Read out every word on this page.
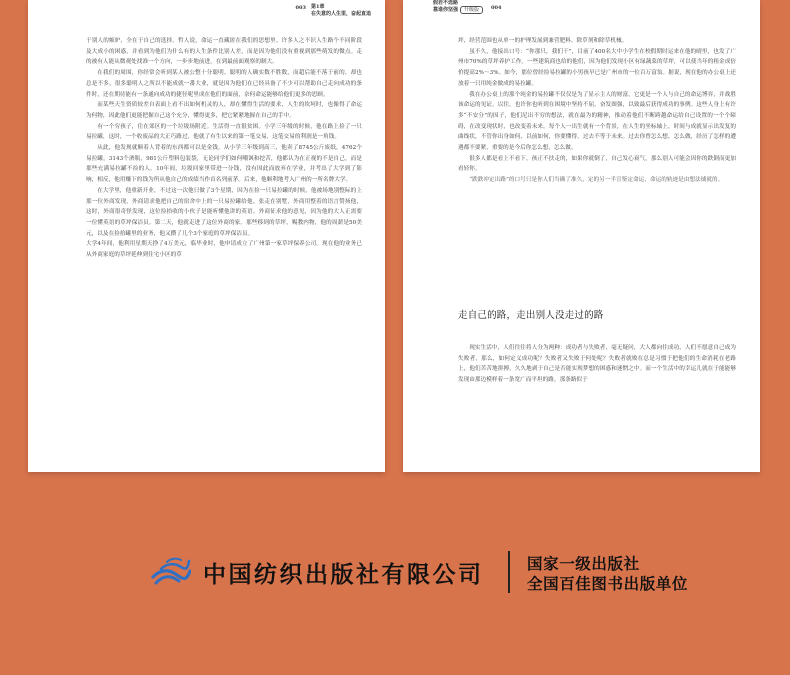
003 第1章
在失意的人生里，奋起直追

于别人的嫉妒，全在于自己的选择。哲人说，命运一直藏匿在我们的思想里。许多人之不识人生路个不同阶段及大成小的困惑，并看到为他们为什么有的人生条件比别人差，而是因为他们没有重视到那些萌发的微点。走的被有人能从微观处找准一个方向，一步步地前进，在到最前面观察的制大。

在我们的周围，你经常会听到某人被公整十分聪明。聪明的人确实数不胜数，而超后能不落于前的，却也总是不多。很多聪明人之所以不能成就一番大业，就是因为他们在已经具备了不少可以帮助自己走向成功的条件时，还在期待能有一条通向成功的捷径呢里成在他们的面前，奈何命运能够给他们更多的思顾。

而某些天生资质较差自表面上看不出如何机灵的人，却在懂得生活的要求，人生的坎坷时，也像得了命运为何物，因此他们更能把握自己这个充分，懂得更多，把它紧紧地握在自己的手中。

有一个穷孩子，住在郊区的一个垃圾场附近。生活得一直很贫困。小学三年级的时候，他在路上捡了一只易拉罐，这时，一个收废品的大正巧路过，他就了有生以来的第一笔交易，这笔交易的利润是一角钱。

从此，他发现就顺着人背着的东西都可以是金钱。从小学三年级到高三，他卖了8745公斤废纸，4762个易拉罐，3143个酒瓶，981公斤塑料包装袋，无论同学们如何嘲讽和挖苦，他都认为在正视的不是自己，而是那些充满易拉罐不捡的人。10年间，垃圾回家里带进一分钱，没有因此而放弃在学业，并考出了大学到了影响，相反，他用赚下的钱为所从他自己的成绩当作首名列前茅。后来，他顺利地考入广州的一所名牌大学。

在大学里，他重新开业，不过这一次他只做了3个星期，因为在捡一只易拉罐的时候，他被场地别整际的上那一位外商发现，外商请求他把自己的宿舍中上的一只易拉罐给他。张走在别墅，外商用整着的语言赞扬他，这时，外商很奇怪发现，这位捡拾收的小伙子是能听懂他讲的英语。外商征求他的意见，因为他的大人正需要一位懂英语的草坪保洁员。第二天，他就走进了这位外商的家。那些移到的草坪，赐教内物，他的周薪是50美元，以及在捡拾罐里的业务，他又攒了几个3个家庭的草坪保洁员。

大学4年间，他利用星期天挣了4万美元，临毕业时，他申请成立了广州第一家草坪保养公司。现在他的业务已从外商家庭的草坪延伸到住宅小区的草

假若不选路
靠谁你坚强 升级版	004

坪，经营范围也从单一的护理发展到兼营肥料、除草剂和除草机械。

虽不久，他接出口号：“你那只，我们干”，目前了400名大中小学生在校假期时运来在他的晴里，也发了广州市70%的草坪养护工作。一些建筑商也给的他们，因为他们发现小区有绿蔬菜的草坪，可以使当年的租金成倍价提高2%～3%。如今，那位曾经捡易拉罐的小男孩早已是广州市的一位百万富翁。据说，现在他的办公桌上还放着一只用纯金做成的易拉罐。

我在办公桌上的那个纯金的易拉罐不仅仅是为了显示主人的财富，它更是一个人与自己的命运博弈，并战胜该命运的见证。以往，也许你也听到在困境中坚持不屈，奋发图强，以致最后获得成功的事例。这些人身上有许多“不安分”的因子，他们尼出不穷的想法，就在最为的精神，推动着他们不断跨越命运给自己设置的一个个障碍，在改变现状时，也改变着未来。每个人一出生就有一个背景，在人生的坐标轴上，时间与成就显示出发复的曲线状，不管你出身如何，以前如何，你要懂得，过去不等于未来。过去你曾怎么想，怎么做，经历了怎样的遭遇都不要紧，重要的是今后你怎么想，怎么做。

很多人都是看上不看下，孩正不扶走的，如果你就倒了，自己发心衰气，那么别人可能会因你的跌倒而更加看轻你。

“跌跌冲定出路”的口号只是你人们当确了准久，定的另一半宣鉴定命运，命运的轨迹是由想法铺就的。

走自己的路，走出别人没走过的路

现实生活中，人们往往将人分为两种：成功者与失败者，毫无疑问，大人都向往成功，人们不愿意自己成为失败者，那么，如何定义成功呢？失败者又失败于何处呢？失败者就败在总是习惯于把他们的生命消耗在老路上，他们苦苦地拼搏，久久地剥于自己是否能实现梦想的困惑和迷惘之中。而一个生活中的幸运儿就在于能能够发现由那边模样着一条宽广而平坦的路，那条路似于

中国纺织出版社有限公司	国家一级出版社
全国百佳图书出版单位
